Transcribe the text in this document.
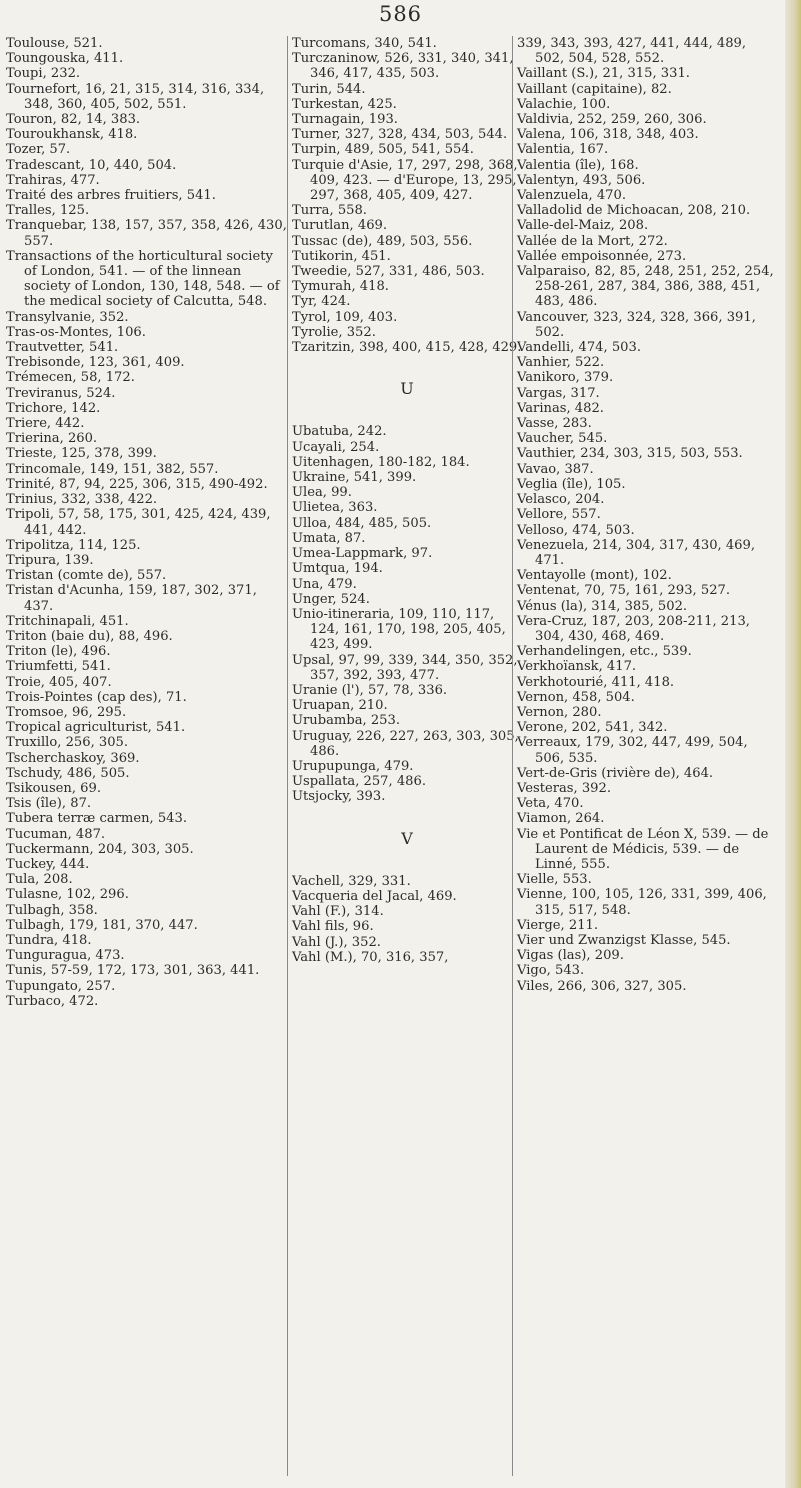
586

Toulouse, 521.

Toungouska, 411.

Toupi, 232.

Tournefort, 16, 21, 315, 314, 316, 334, 348, 360, 405, 502, 551.

Touron, 82, 14, 383.

Touroukhansk, 418.

Tozer, 57.

Tradescant, 10, 440, 504.

Trahiras, 477.

Traité des arbres fruitiers, 541.

Tralles, 125.

Tranquebar, 138, 157, 357, 358, 426, 430, 557.

Transactions of the horticultural society of London, 541. — of the linnean society of London, 130, 148, 548. — of the medical society of Calcutta, 548.

Transylvanie, 352.

Tras-os-Montes, 106.

Trautvetter, 541.

Trebisonde, 123, 361, 409.

Trémecen, 58, 172.

Treviranus, 524.

Trichore, 142.

Triere, 442.

Trierina, 260.

Trieste, 125, 378, 399.

Trincomale, 149, 151, 382, 557.

Trinité, 87, 94, 225, 306, 315, 490-492.

Trinius, 332, 338, 422.

Tripoli, 57, 58, 175, 301, 425, 424, 439, 441, 442.

Tripolitza, 114, 125.

Tripura, 139.

Tristan (comte de), 557.

Tristan d'Acunha, 159, 187, 302, 371, 437.

Tritchinapali, 451.

Triton (baie du), 88, 496.

Triton (le), 496.

Triumfetti, 541.

Troie, 405, 407.

Trois-Pointes (cap des), 71.

Tromsoe, 96, 295.

Tropical agriculturist, 541.

Truxillo, 256, 305.

Tscherchaskoy, 369.

Tschudy, 486, 505.

Tsikousen, 69.

Tsis (île), 87.

Tubera terræ carmen, 543.

Tucuman, 487.

Tuckermann, 204, 303, 305.

Tuckey, 444.

Tula, 208.

Tulasne, 102, 296.

Tulbagh, 358.

Tulbagh, 179, 181, 370, 447.

Tundra, 418.

Tunguragua, 473.

Tunis, 57-59, 172, 173, 301, 363, 441.

Tupungato, 257.

Turbaco, 472.

Turcomans, 340, 541.

Turczaninow, 526, 331, 340, 341, 346, 417, 435, 503.

Turin, 544.

Turkestan, 425.

Turnagain, 193.

Turner, 327, 328, 434, 503, 544.

Turpin, 489, 505, 541, 554.

Turquie d'Asie, 17, 297, 298, 368, 409, 423. — d'Europe, 13, 295, 297, 368, 405, 409, 427.

Turra, 558.

Turutlan, 469.

Tussac (de), 489, 503, 556.

Tutikorin, 451.

Tweedie, 527, 331, 486, 503.

Tymurah, 418.

Tyr, 424.

Tyrol, 109, 403.

Tyrolie, 352.

Tzaritzin, 398, 400, 415, 428, 429.

U

Ubatuba, 242.

Ucayali, 254.

Uitenhagen, 180-182, 184.

Ukraine, 541, 399.

Ulea, 99.

Ulietea, 363.

Ulloa, 484, 485, 505.

Umata, 87.

Umea-Lappmark, 97.

Umtqua, 194.

Una, 479.

Unger, 524.

Unio-itineraria, 109, 110, 117, 124, 161, 170, 198, 205, 405, 423, 499.

Upsal, 97, 99, 339, 344, 350, 352, 357, 392, 393, 477.

Uranie (l'), 57, 78, 336.

Uruapan, 210.

Urubamba, 253.

Uruguay, 226, 227, 263, 303, 305, 486.

Urupupunga, 479.

Uspallata, 257, 486.

Utsjocky, 393.

V

Vachell, 329, 331.

Vacqueria del Jacal, 469.

Vahl (F.), 314.

Vahl fils, 96.

Vahl (J.), 352.

Vahl (M.), 70, 316, 357,

339, 343, 393, 427, 441, 444, 489, 502, 504, 528, 552.

Vaillant (S.), 21, 315, 331.

Vaillant (capitaine), 82.

Valachie, 100.

Valdivia, 252, 259, 260, 306.

Valena, 106, 318, 348, 403.

Valentia, 167.

Valentia (île), 168.

Valentyn, 493, 506.

Valenzuela, 470.

Valladolid de Michoacan, 208, 210.

Valle-del-Maiz, 208.

Vallée de la Mort, 272.

Vallée empoisonnée, 273.

Valparaiso, 82, 85, 248, 251, 252, 254, 258-261, 287, 384, 386, 388, 451, 483, 486.

Vancouver, 323, 324, 328, 366, 391, 502.

Vandelli, 474, 503.

Vanhier, 522.

Vanikoro, 379.

Vargas, 317.

Varinas, 482.

Vasse, 283.

Vaucher, 545.

Vauthier, 234, 303, 315, 503, 553.

Vavao, 387.

Veglia (île), 105.

Velasco, 204.

Vellore, 557.

Velloso, 474, 503.

Venezuela, 214, 304, 317, 430, 469, 471.

Ventayolle (mont), 102.

Ventenat, 70, 75, 161, 293, 527.

Vénus (la), 314, 385, 502.

Vera-Cruz, 187, 203, 208-211, 213, 304, 430, 468, 469.

Verhandelingen, etc., 539.

Verkhoïansk, 417.

Verkhotourié, 411, 418.

Vernon, 458, 504.

Vernon, 280.

Verone, 202, 541, 342.

Verreaux, 179, 302, 447, 499, 504, 506, 535.

Vert-de-Gris (rivière de), 464.

Vesteras, 392.

Veta, 470.

Viamon, 264.

Vie et Pontificat de Léon X, 539. — de Laurent de Médicis, 539. — de Linné, 555.

Vielle, 553.

Vienne, 100, 105, 126, 331, 399, 406, 315, 517, 548.

Vierge, 211.

Vier und Zwanzigst Klasse, 545.

Vigas (las), 209.

Vigo, 543.

Viles, 266, 306, 327, 305.
